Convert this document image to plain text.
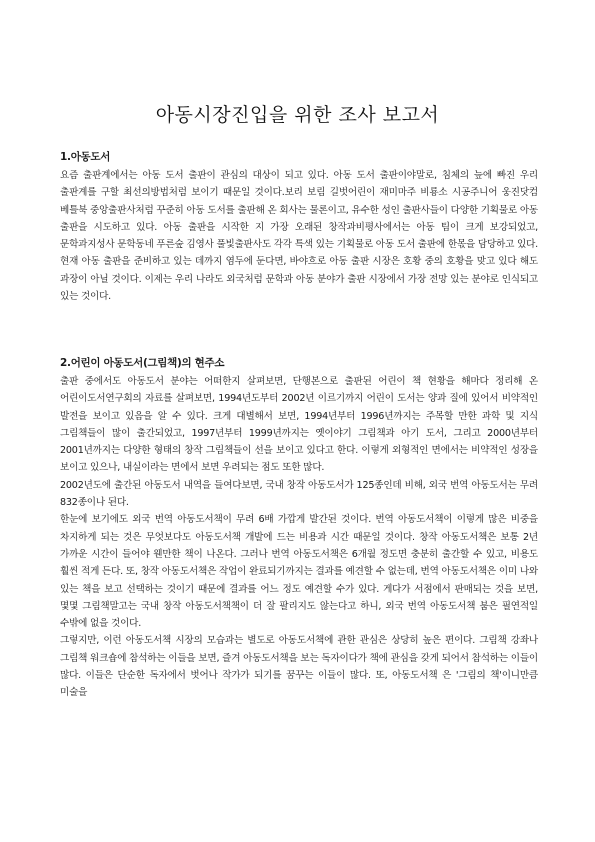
아동시장진입을 위한 조사 보고서
1.아동도서

요즘 출판계에서는 아동 도서 출판이 관심의 대상이 되고 있다. 아동 도서 출판이야말로, 침체의 늪에 빠진 우리 출판계를 구할 최선의방법처럼 보이기 때문일 것이다.보리 보림 길벗어린이 재미마주 비룡소 시공주니어 웅진닷컴 베틀북 중앙출판사처럼 꾸준히 아동 도서를 출판해 온 회사는 물론이고, 유수한 성인 출판사들이 다양한 기획물로 아동 출판을 시도하고 있다. 아동 출판을 시작한 지 가장 오래된 창작과비평사에서는 아동 팀이 크게 보강되었고, 문학과지성사 문학동네 푸른숲 김영사 풀빛출판사도 각각 특색 있는 기획물로 아동 도서 출판에 한몫을 담당하고 있다. 현재 아동 출판을 준비하고 있는 데까지 염두에 둔다면, 바야흐로 아동 출판 시장은 호황 중의 호황을 맞고 있다 해도 과장이 아닐 것이다. 이제는 우리 나라도 외국처럼 문학과 아동 분야가 출판 시장에서 가장 전망 있는 분야로 인식되고 있는 것이다.

2.어린이 아동도서(그림책)의 현주소

출판 중에서도 아동도서 분야는 어떠한지 살펴보면, 단행본으로 출판된 어린이 책 현황을 해마다 정리해 온 어린이도서연구회의 자료를 살펴보면, 1994년도부터 2002년 이르기까지 어린이 도서는 양과 질에 있어서 비약적인 발전을 보이고 있음을 알 수 있다. 크게 대별해서 보면, 1994년부터 1996년까지는 주목할 만한 과학 및 지식 그림책들이 많이 출간되었고, 1997년부터 1999년까지는 옛이야기 그림책과 아기 도서, 그리고 2000년부터 2001년까지는 다양한 형태의 창작 그림책들이 선을 보이고 있다고 한다. 이렇게 외형적인 면에서는 비약적인 성장을 보이고 있으나, 내실이라는 면에서 보면 우려되는 점도 또한 많다.

2002년도에 출간된 아동도서 내역을 들여다보면, 국내 창작 아동도서가 125종인데 비해, 외국 번역 아동도서는 무려 832종이나 된다.

한눈에 보기에도 외국 번역 아동도서책이 무려 6배 가깝게 발간된 것이다. 번역 아동도서책이 이렇게 많은 비중을 차지하게 되는 것은 무엇보다도 아동도서책 개발에 드는 비용과 시간 때문일 것이다. 창작 아동도서책은 보통 2년 가까운 시간이 들어야 웬만한 책이 나온다. 그러나 번역 아동도서책은 6개월 정도면 충분히 출간할 수 있고, 비용도 훨씬 적게 든다. 또, 창작 아동도서책은 작업이 완료되기까지는 결과를 예견할 수 없는데, 번역 아동도서책은 이미 나와 있는 책을 보고 선택하는 것이기 때문에 결과를 어느 정도 예견할 수가 있다. 게다가 서점에서 판매되는 것을 보면, 몇몇 그림책말고는 국내 창작 아동도서책책이 더 잘 팔리지도 않는다고 하니, 외국 번역 아동도서책 붐은 필연적일 수밖에 없을 것이다.

그렇지만, 이런 아동도서책 시장의 모습과는 별도로 아동도서책에 관한 관심은 상당히 높은 편이다. 그림책 강좌나 그림책 워크숍에 참석하는 이들을 보면, 즐겨 아동도서책을 보는 독자이다가 책에 관심을 갖게 되어서 참석하는 이들이 많다. 이들은 단순한 독자에서 벗어나 작가가 되기를 꿈꾸는 이들이 많다. 또, 아동도서책 은 '그림의 책'이니만큼 미술을
